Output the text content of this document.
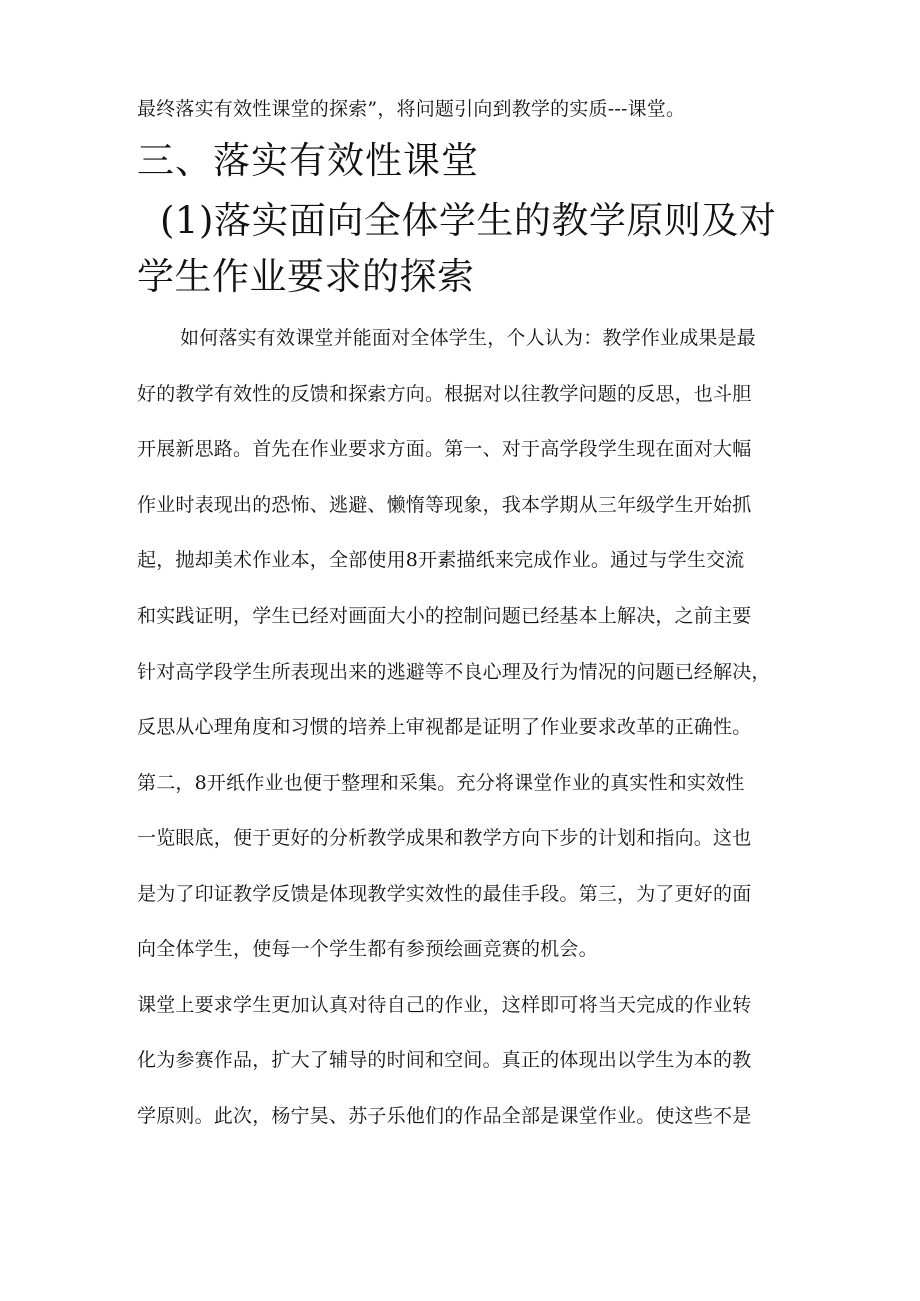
最终落实有效性课堂的探索”，将问题引向到教学的实质---课堂。
三、落实有效性课堂
(1)落实面向全体学生的教学原则及对
学生作业要求的探索
如何落实有效课堂并能面对全体学生，个人认为：教学作业成果是最
好的教学有效性的反馈和探索方向。根据对以往教学问题的反思，也斗胆
开展新思路。首先在作业要求方面。第一、对于高学段学生现在面对大幅
作业时表现出的恐怖、逃避、懒惰等现象，我本学期从三年级学生开始抓
起，抛却美术作业本，全部使用8开素描纸来完成作业。通过与学生交流
和实践证明，学生已经对画面大小的控制问题已经基本上解决，之前主要
针对高学段学生所表现出来的逃避等不良心理及行为情况的问题已经解决，
反思从心理角度和习惯的培养上审视都是证明了作业要求改革的正确性。
第二，8开纸作业也便于整理和采集。充分将课堂作业的真实性和实效性
一览眼底，便于更好的分析教学成果和教学方向下步的计划和指向。这也
是为了印证教学反馈是体现教学实效性的最佳手段。第三，为了更好的面
向全体学生，使每一个学生都有参预绘画竞赛的机会。
课堂上要求学生更加认真对待自己的作业，这样即可将当天完成的作业转
化为参赛作品，扩大了辅导的时间和空间。真正的体现出以学生为本的教
学原则。此次，杨宁昊、苏子乐他们的作品全部是课堂作业。使这些不是
